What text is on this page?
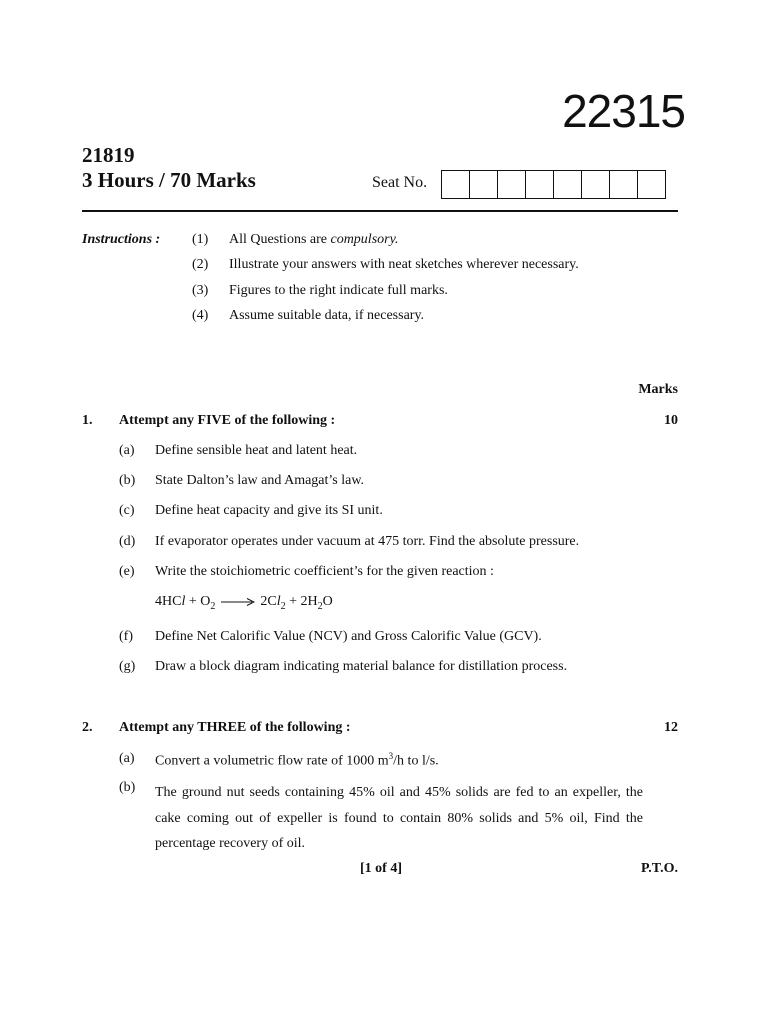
22315
21819
3 Hours / 70 Marks	Seat No.
Instructions : (1) All Questions are compulsory.
(2) Illustrate your answers with neat sketches wherever necessary.
(3) Figures to the right indicate full marks.
(4) Assume suitable data, if necessary.
Marks
1. Attempt any FIVE of the following :	10
(a) Define sensible heat and latent heat.
(b) State Dalton’s law and Amagat’s law.
(c) Define heat capacity and give its SI unit.
(d) If evaporator operates under vacuum at 475 torr. Find the absolute pressure.
(e) Write the stoichiometric coefficient’s for the given reaction :
$4HCl + O_2 \to 2Cl_2 + 2H_2O$
(f) Define Net Calorific Value (NCV) and Gross Calorific Value (GCV).
(g) Draw a block diagram indicating material balance for distillation process.
2. Attempt any THREE of the following :	12
(a) Convert a volumetric flow rate of 1000 $m^3/h$ to l/s.
(b) The ground nut seeds containing 45% oil and 45% solids are fed to an expeller, the cake coming out of expeller is found to contain 80% solids and 5% oil, Find the percentage recovery of oil.
[1 of 4]	P.T.O.
